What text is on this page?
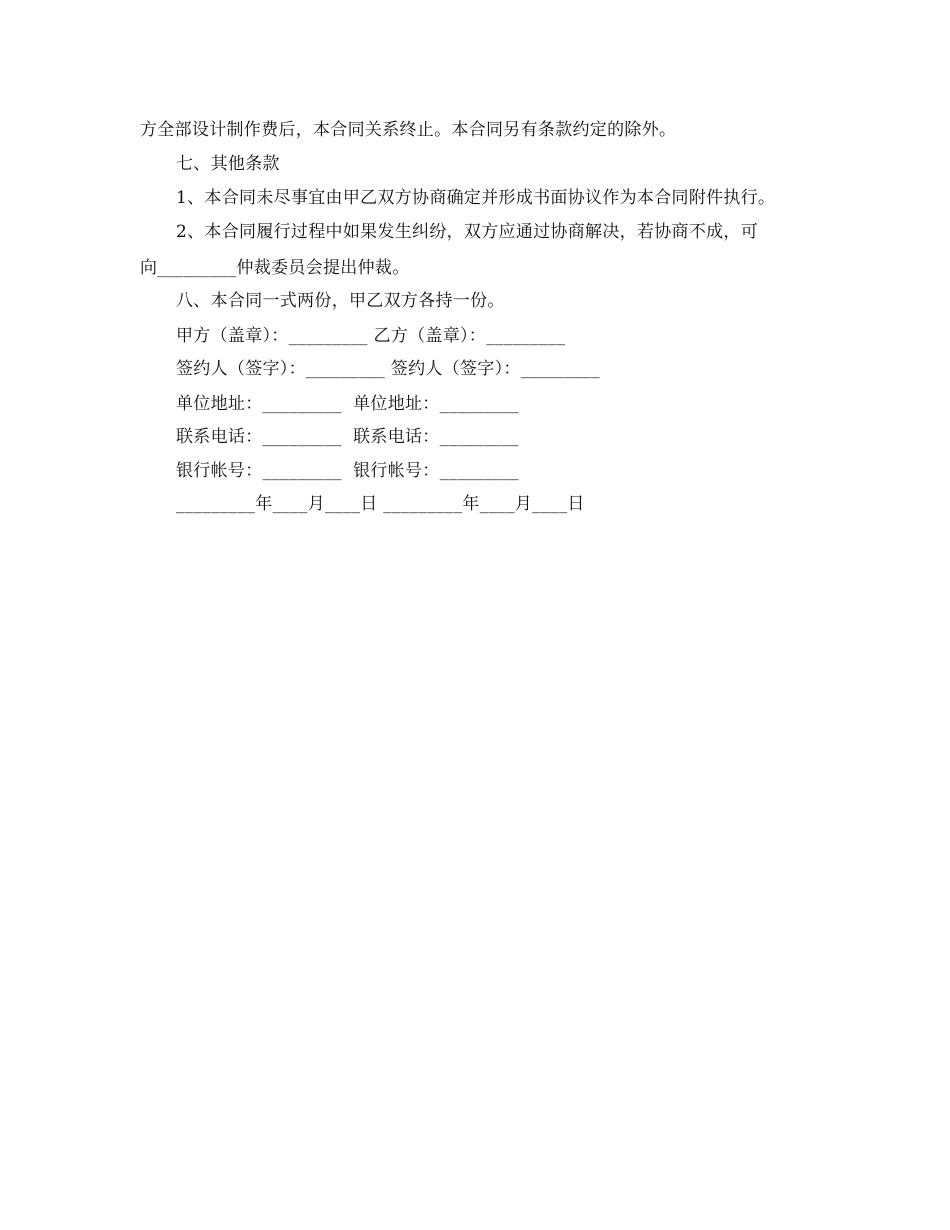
方全部设计制作费后，本合同关系终止。本合同另有条款约定的除外。
七、其他条款
1、本合同未尽事宜由甲乙双方协商确定并形成书面协议作为本合同附件执行。
2、本合同履行过程中如果发生纠纷，双方应通过协商解决，若协商不成，可
向_________仲裁委员会提出仲裁。
八、本合同一式两份，甲乙双方各持一份。
甲方（盖章）：_________ 乙方（盖章）：_________
签约人（签字）：_________ 签约人（签字）：_________
单位地址：_________  单位地址：_________
联系电话：_________  联系电话：_________
银行帐号：_________  银行帐号：_________
_________年____月____日 _________年____月____日
